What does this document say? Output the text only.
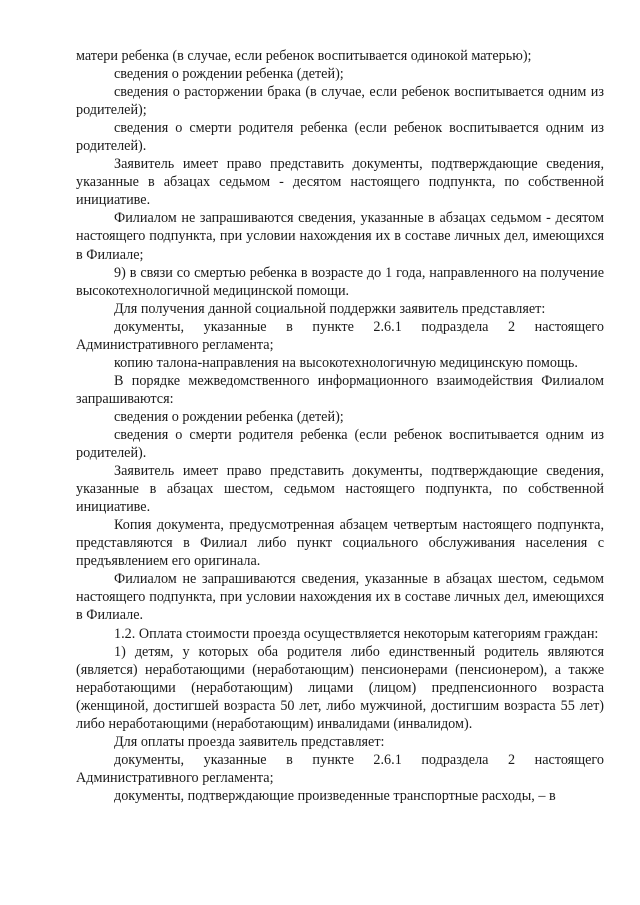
матери ребенка (в случае, если ребенок воспитывается одинокой матерью);

сведения о рождении ребенка (детей);

сведения о расторжении брака (в случае, если ребенок воспитывается одним из родителей);

сведения о смерти родителя ребенка (если ребенок воспитывается одним из родителей).

Заявитель имеет право представить документы, подтверждающие сведения, указанные в абзацах седьмом - десятом настоящего подпункта, по собственной инициативе.

Филиалом не запрашиваются сведения, указанные в абзацах седьмом - десятом настоящего подпункта, при условии нахождения их в составе личных дел, имеющихся в Филиале;

9) в связи со смертью ребенка в возрасте до 1 года, направленного на получение высокотехнологичной медицинской помощи.

Для получения данной социальной поддержки заявитель представляет:

документы, указанные в пункте 2.6.1 подраздела 2 настоящего Административного регламента;

копию талона-направления на высокотехнологичную медицинскую помощь.

В порядке межведомственного информационного взаимодействия Филиалом запрашиваются:

сведения о рождении ребенка (детей);

сведения о смерти родителя ребенка (если ребенок воспитывается одним из родителей).

Заявитель имеет право представить документы, подтверждающие сведения, указанные в абзацах шестом, седьмом настоящего подпункта, по собственной инициативе.

Копия документа, предусмотренная абзацем четвертым настоящего подпункта, представляются в Филиал либо пункт социального обслуживания населения с предъявлением его оригинала.

Филиалом не запрашиваются сведения, указанные в абзацах шестом, седьмом настоящего подпункта, при условии нахождения их в составе личных дел, имеющихся в Филиале.

1.2. Оплата стоимости проезда осуществляется некоторым категориям граждан:

1) детям, у которых оба родителя либо единственный родитель являются (является) неработающими (неработающим) пенсионерами (пенсионером), а также неработающими (неработающим) лицами (лицом) предпенсионного возраста (женщиной, достигшей возраста 50 лет, либо мужчиной, достигшим возраста 55 лет) либо неработающими (неработающим) инвалидами (инвалидом).

Для оплаты проезда заявитель представляет:

документы, указанные в пункте 2.6.1 подраздела 2 настоящего Административного регламента;

документы, подтверждающие произведенные транспортные расходы, – в
